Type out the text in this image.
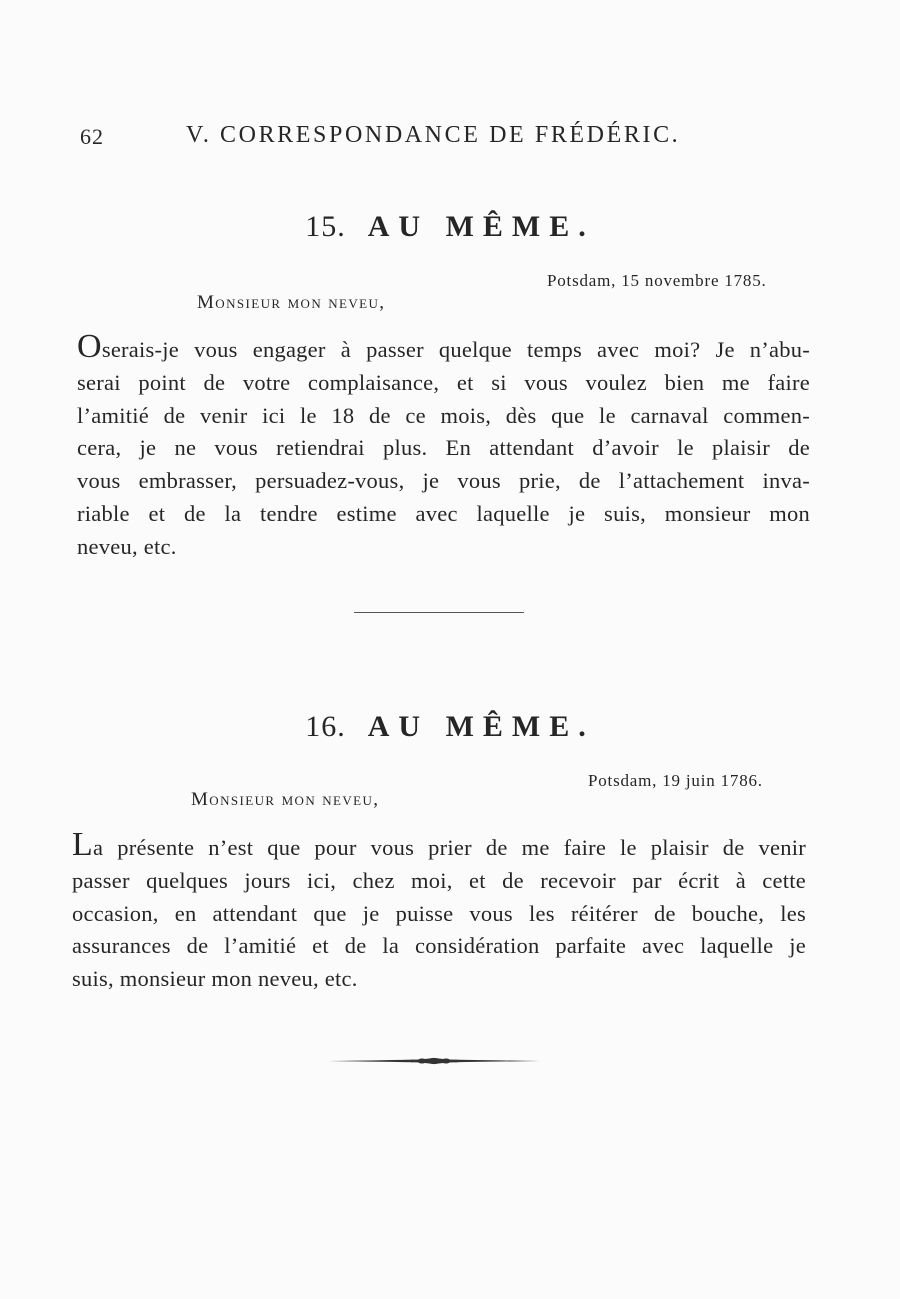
62	V. CORRESPONDANCE DE FRÉDÉRIC.
15. AU MÊME.
Potsdam, 15 novembre 1785.
Monsieur mon neveu,
Oserais-je vous engager à passer quelque temps avec moi? Je n’abu-
serai point de votre complaisance, et si vous voulez bien me faire
l’amitié de venir ici le 18 de ce mois, dès que le carnaval commen-
cera, je ne vous retiendrai plus. En attendant d’avoir le plaisir de
vous embrasser, persuadez-vous, je vous prie, de l’attachement inva-
riable et de la tendre estime avec laquelle je suis, monsieur mon
neveu, etc.
16. AU MÊME.
Potsdam, 19 juin 1786.
Monsieur mon neveu,
La présente n’est que pour vous prier de me faire le plaisir de venir
passer quelques jours ici, chez moi, et de recevoir par écrit à cette
occasion, en attendant que je puisse vous les réitérer de bouche, les
assurances de l’amitié et de la considération parfaite avec laquelle je
suis, monsieur mon neveu, etc.
